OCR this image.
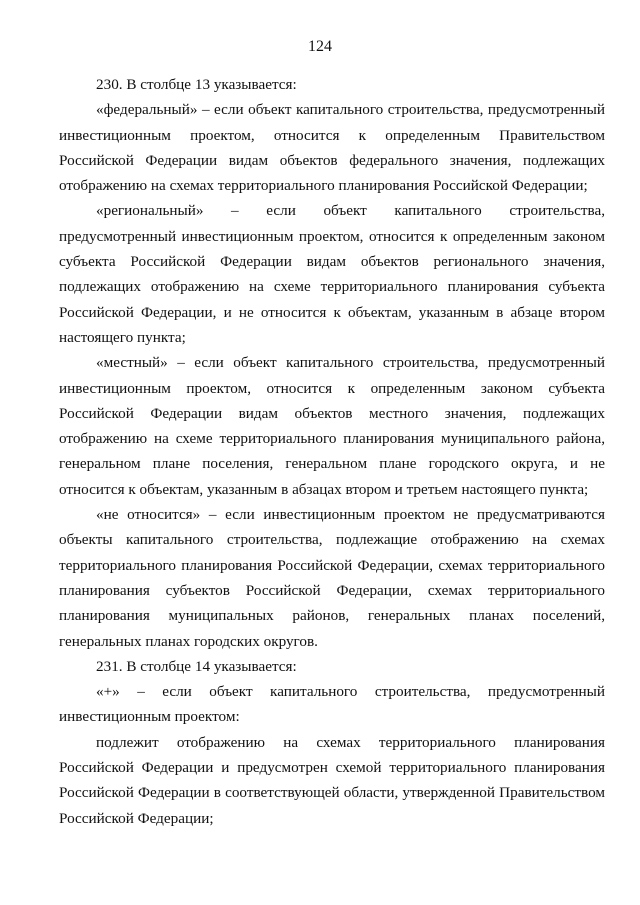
124

230. В столбце 13 указывается:

«федеральный» – если объект капитального строительства, предусмотренный инвестиционным проектом, относится к определенным Правительством Российской Федерации видам объектов федерального значения, подлежащих отображению на схемах территориального планирования Российской Федерации;

«региональный» – если объект капитального строительства, предусмотренный инвестиционным проектом, относится к определенным законом субъекта Российской Федерации видам объектов регионального значения, подлежащих отображению на схеме территориального планирования субъекта Российской Федерации, и не относится к объектам, указанным в абзаце втором настоящего пункта;

«местный» – если объект капитального строительства, предусмотренный инвестиционным проектом, относится к определенным законом субъекта Российской Федерации видам объектов местного значения, подлежащих отображению на схеме территориального планирования муниципального района, генеральном плане поселения, генеральном плане городского округа, и не относится к объектам, указанным в абзацах втором и третьем настоящего пункта;

«не относится» – если инвестиционным проектом не предусматриваются объекты капитального строительства, подлежащие отображению на схемах территориального планирования Российской Федерации, схемах территориального планирования субъектов Российской Федерации, схемах территориального планирования муниципальных районов, генеральных планах поселений, генеральных планах городских округов.

231. В столбце 14 указывается:

«+» – если объект капитального строительства, предусмотренный инвестиционным проектом:

подлежит отображению на схемах территориального планирования Российской Федерации и предусмотрен схемой территориального планирования Российской Федерации в соответствующей области, утвержденной Правительством Российской Федерации;
